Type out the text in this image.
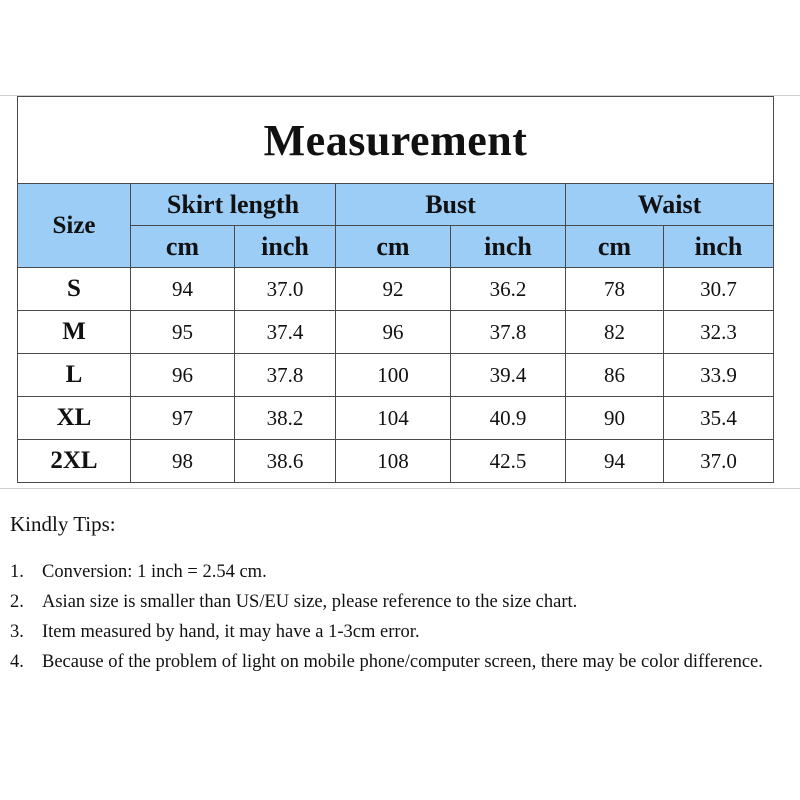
Measurement						
Size	Skirt length		Bust		Waist	
	cm	inch	cm	inch	cm	inch
S	94	37.0	92	36.2	78	30.7
M	95	37.4	96	37.8	82	32.3
L	96	37.8	100	39.4	86	33.9
XL	97	38.2	104	40.9	90	35.4
2XL	98	38.6	108	42.5	94	37.0

Kindly Tips:

1. Conversion: 1 inch = 2.54 cm.
2. Asian size is smaller than US/EU size, please reference to the size chart.
3. Item measured by hand, it may have a 1-3cm error.
4. Because of the problem of light on mobile phone/computer screen, there may be color difference.
